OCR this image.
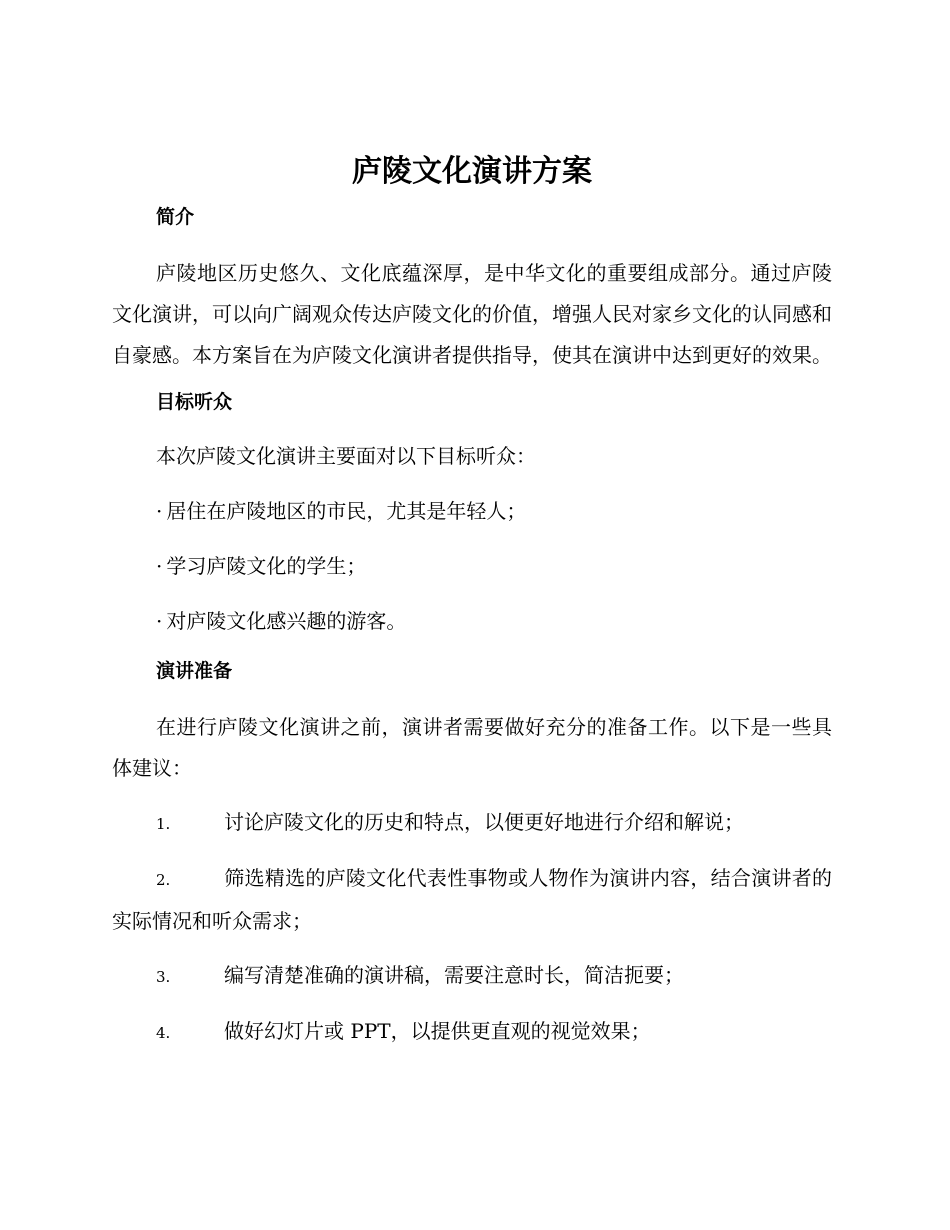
庐陵文化演讲方案
简介

庐陵地区历史悠久、文化底蕴深厚，是中华文化的重要组成部分。通过庐陵文化演讲，可以向广阔观众传达庐陵文化的价值，增强人民对家乡文化的认同感和自豪感。本方案旨在为庐陵文化演讲者提供指导，使其在演讲中达到更好的效果。

目标听众

本次庐陵文化演讲主要面对以下目标听众：

· 居住在庐陵地区的市民，尤其是年轻人；

· 学习庐陵文化的学生；

· 对庐陵文化感兴趣的游客。

演讲准备

在进行庐陵文化演讲之前，演讲者需要做好充分的准备工作。以下是一些具体建议：

1.	讨论庐陵文化的历史和特点，以便更好地进行介绍和解说；

2.	筛选精选的庐陵文化代表性事物或人物作为演讲内容，结合演讲者的实际情况和听众需求；

3.	编写清楚准确的演讲稿，需要注意时长，简洁扼要；

4.	做好幻灯片或 PPT，以提供更直观的视觉效果；
